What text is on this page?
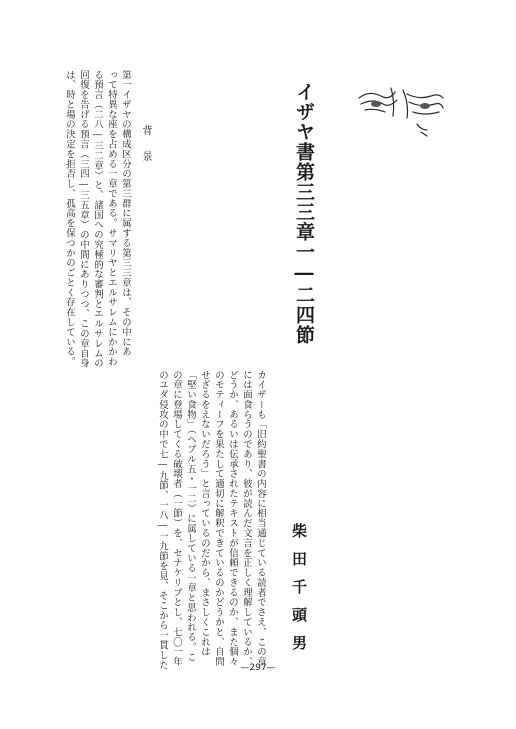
イザヤ書第三三章一―二四節
柴田千頭男
背景
第一イザヤの構成区分の第三群に属する第三三章は、その中にあ
って特異な座を占める一章である。サマリヤとエルサレムにかかわ
る預言（二八―三二章）と、諸国への究極的な審判とエルサレムの
回復を告げる預言（三四―三五章）の中間にありつつ、この章自身
は、時と場の決定を拒否し、孤高を保つかのごとく存在している。
カイザーも「旧約聖書の内容に相当通じている読者でさえ、この章
には面食らうのであり、彼が読んだ文言を正しく理解しているか、
どうか、あるいは伝承されたテキストが信頼できるのか、また個々
のモティーフを果たして適切に解釈できているのかどうかと、自問
せざるをえないだろう」と言っているのだから、まさしくこれは
「堅い食物」（ヘブル五・一二）に属している一章と思われる。こ
の章に登場してくる破壊者（一節）を、セナケリブとし、七〇一年
のユダ侵攻の中で七―九節、一八―一九節を見、そこから一貫した	—297—
